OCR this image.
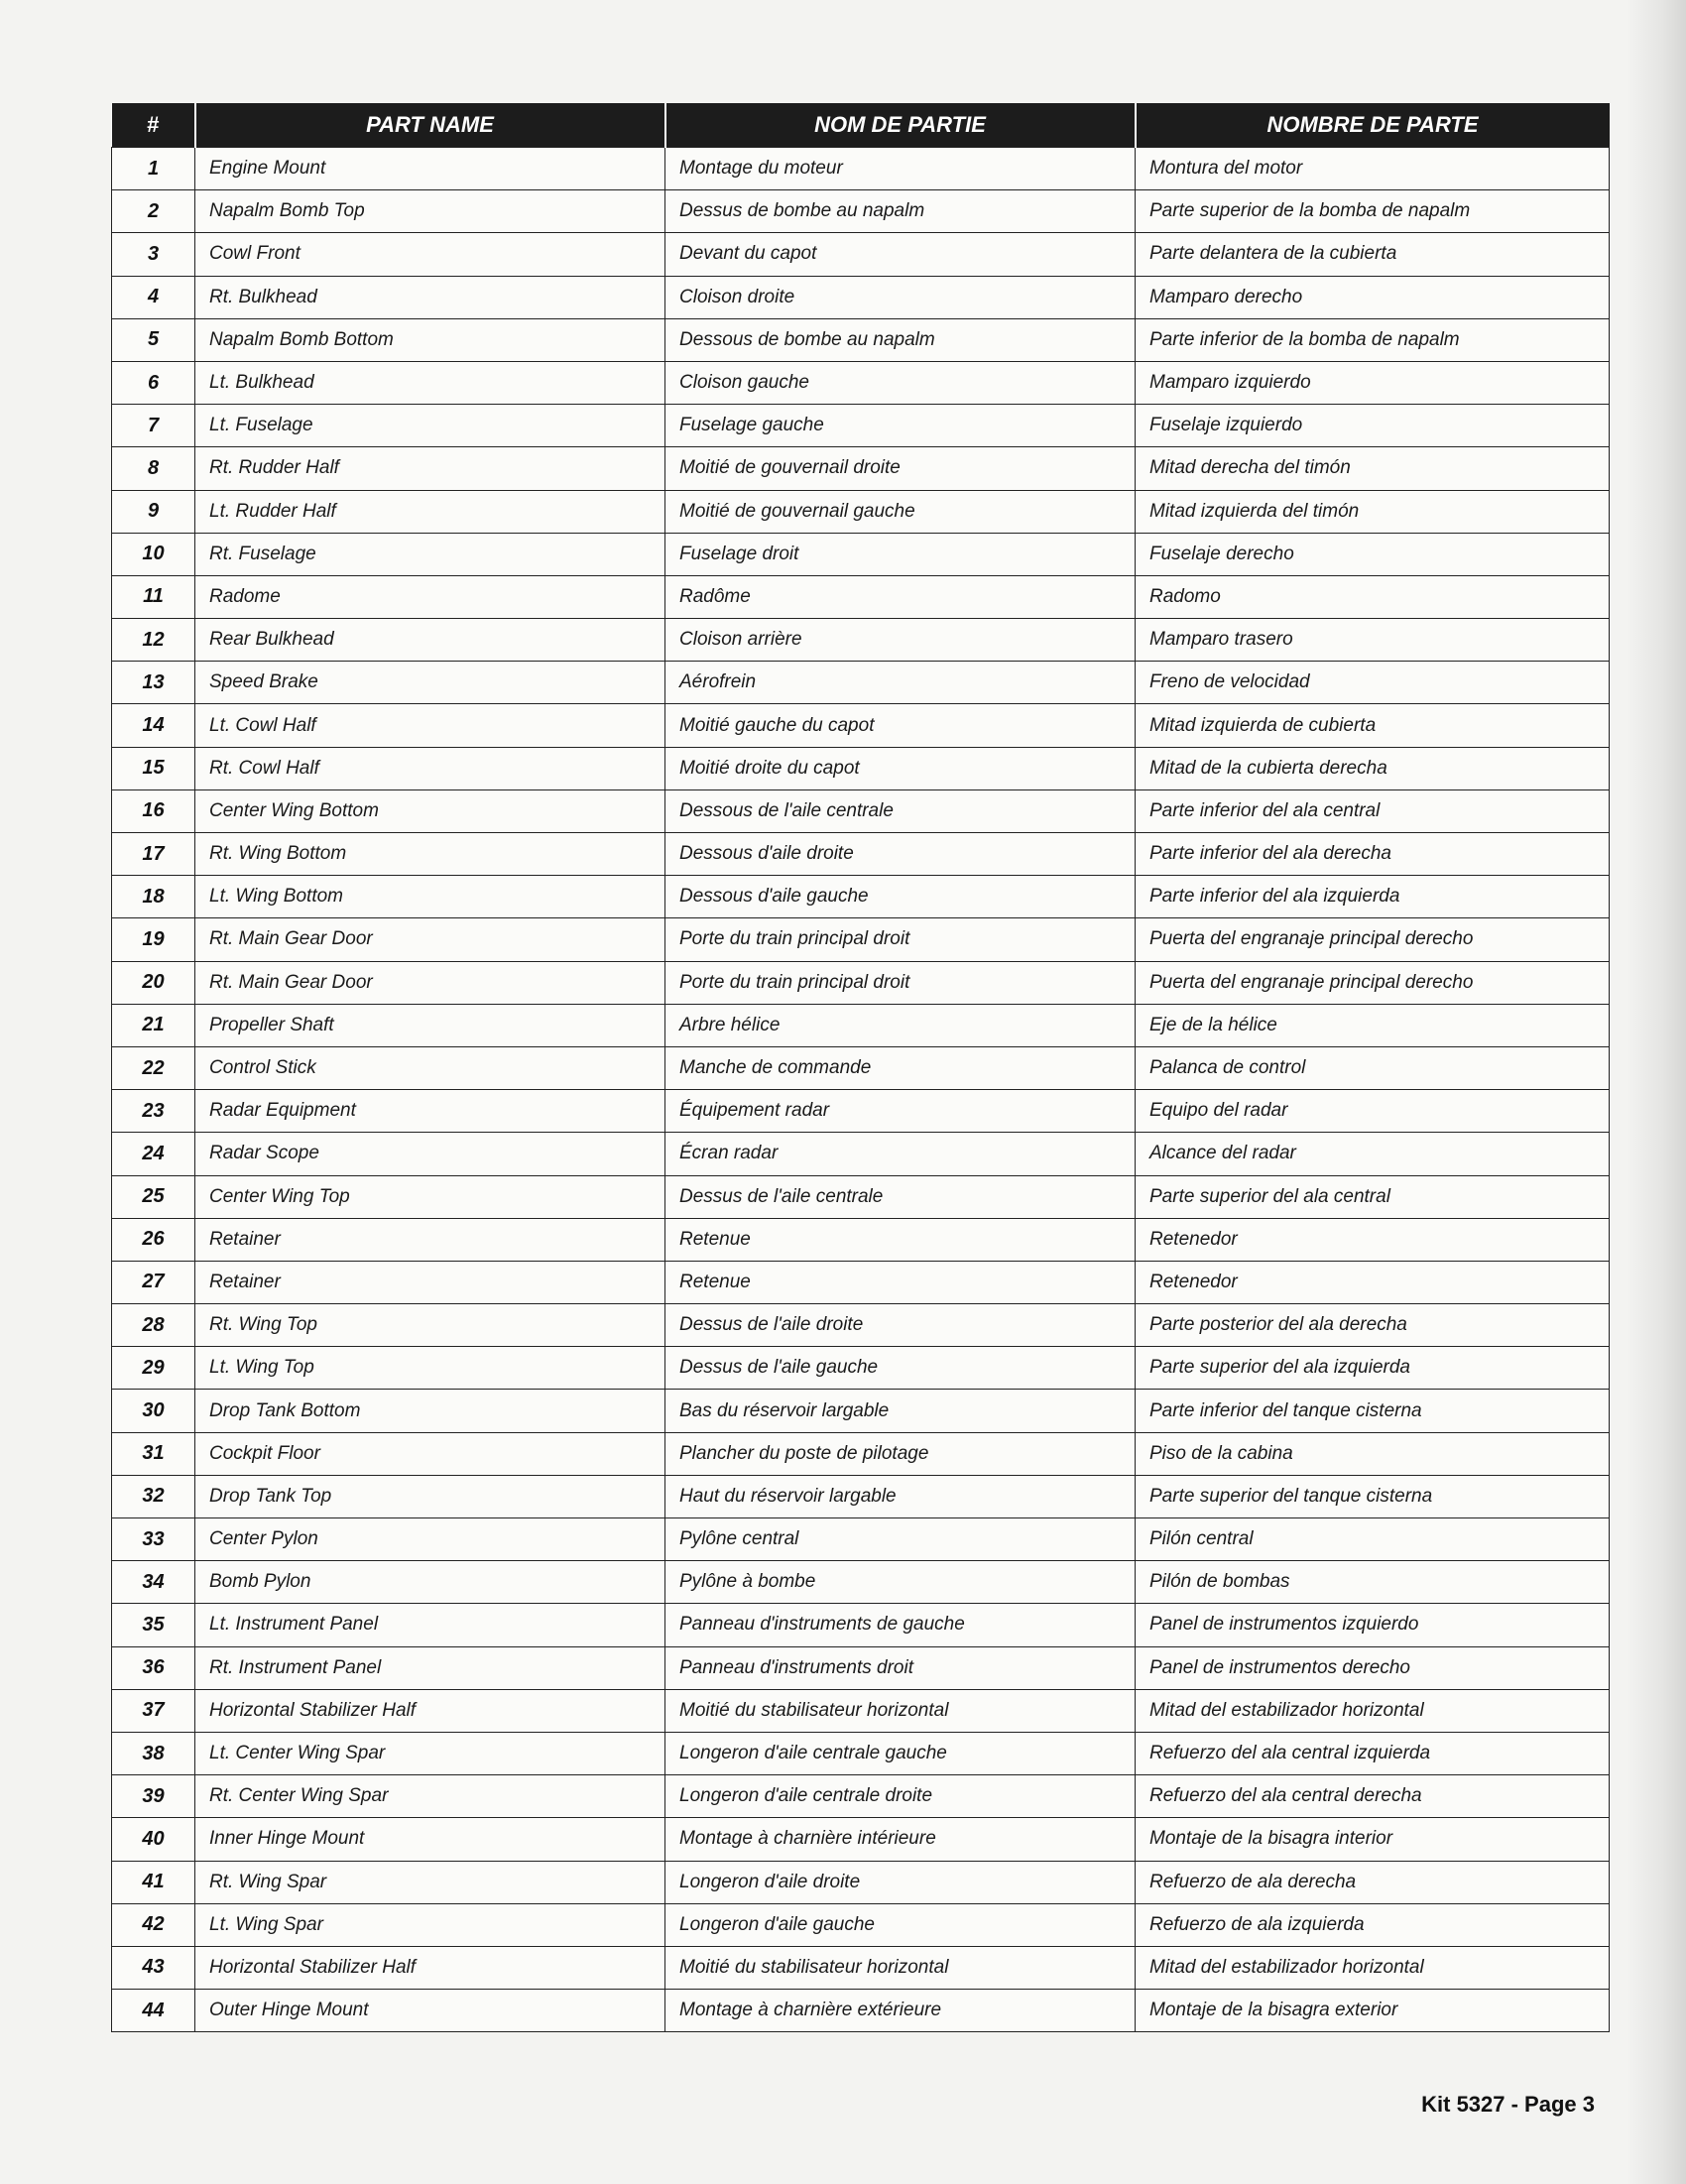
#	PART NAME	NOM DE PARTIE	NOMBRE DE PARTE
1	Engine Mount	Montage du moteur	Montura del motor
2	Napalm Bomb Top	Dessus de bombe au napalm	Parte superior de la bomba de napalm
3	Cowl Front	Devant du capot	Parte delantera de la cubierta
4	Rt. Bulkhead	Cloison droite	Mamparo derecho
5	Napalm Bomb Bottom	Dessous de bombe au napalm	Parte inferior de la bomba de napalm
6	Lt. Bulkhead	Cloison gauche	Mamparo izquierdo
7	Lt. Fuselage	Fuselage gauche	Fuselaje izquierdo
8	Rt. Rudder Half	Moitié de gouvernail droite	Mitad derecha del timón
9	Lt. Rudder Half	Moitié de gouvernail gauche	Mitad izquierda del timón
10	Rt. Fuselage	Fuselage droit	Fuselaje derecho
11	Radome	Radôme	Radomo
12	Rear Bulkhead	Cloison arrière	Mamparo trasero
13	Speed Brake	Aérofrein	Freno de velocidad
14	Lt. Cowl Half	Moitié gauche du capot	Mitad izquierda de cubierta
15	Rt. Cowl Half	Moitié droite du capot	Mitad de la cubierta derecha
16	Center Wing Bottom	Dessous de l'aile centrale	Parte inferior del ala central
17	Rt. Wing Bottom	Dessous d'aile droite	Parte inferior del ala derecha
18	Lt. Wing Bottom	Dessous d'aile gauche	Parte inferior del ala izquierda
19	Rt. Main Gear Door	Porte du train principal droit	Puerta del engranaje principal derecho
20	Rt. Main Gear Door	Porte du train principal droit	Puerta del engranaje principal derecho
21	Propeller Shaft	Arbre hélice	Eje de la hélice
22	Control Stick	Manche de commande	Palanca de control
23	Radar Equipment	Équipement radar	Equipo del radar
24	Radar Scope	Écran radar	Alcance del radar
25	Center Wing Top	Dessus de l'aile centrale	Parte superior del ala central
26	Retainer	Retenue	Retenedor
27	Retainer	Retenue	Retenedor
28	Rt. Wing Top	Dessus de l'aile droite	Parte posterior del ala derecha
29	Lt. Wing Top	Dessus de l'aile gauche	Parte superior del ala izquierda
30	Drop Tank Bottom	Bas du réservoir largable	Parte inferior del tanque cisterna
31	Cockpit Floor	Plancher du poste de pilotage	Piso de la cabina
32	Drop Tank Top	Haut du réservoir largable	Parte superior del tanque cisterna
33	Center Pylon	Pylône central	Pilón central
34	Bomb Pylon	Pylône à bombe	Pilón de bombas
35	Lt. Instrument Panel	Panneau d'instruments de gauche	Panel de instrumentos izquierdo
36	Rt. Instrument Panel	Panneau d'instruments droit	Panel de instrumentos derecho
37	Horizontal Stabilizer Half	Moitié du stabilisateur horizontal	Mitad del estabilizador horizontal
38	Lt. Center Wing Spar	Longeron d'aile centrale gauche	Refuerzo del ala central izquierda
39	Rt. Center Wing Spar	Longeron d'aile centrale droite	Refuerzo del ala central derecha
40	Inner Hinge Mount	Montage à charnière intérieure	Montaje de la bisagra interior
41	Rt. Wing Spar	Longeron d'aile droite	Refuerzo de ala derecha
42	Lt. Wing Spar	Longeron d'aile gauche	Refuerzo de ala izquierda
43	Horizontal Stabilizer Half	Moitié du stabilisateur horizontal	Mitad del estabilizador horizontal
44	Outer Hinge Mount	Montage à charnière extérieure	Montaje de la bisagra exterior
Kit 5327 - Page 3
